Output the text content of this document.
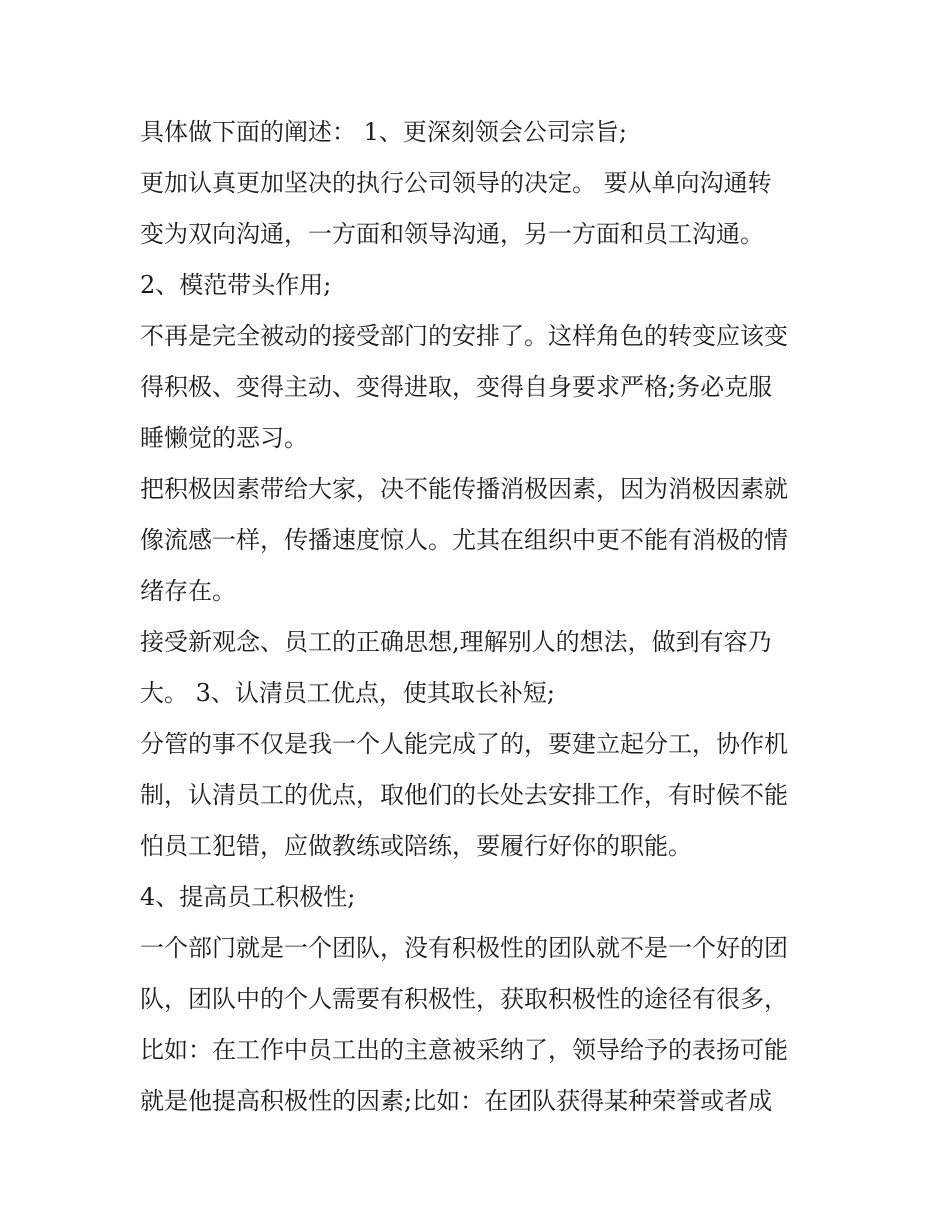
具体做下面的阐述： 1、更深刻领会公司宗旨;
更加认真更加坚决的执行公司领导的决定。 要从单向沟通转
变为双向沟通，一方面和领导沟通，另一方面和员工沟通。
2、模范带头作用;
不再是完全被动的接受部门的安排了。这样角色的转变应该变
得积极、变得主动、变得进取，变得自身要求严格;务必克服
睡懒觉的恶习。
把积极因素带给大家，决不能传播消极因素，因为消极因素就
像流感一样，传播速度惊人。尤其在组织中更不能有消极的情
绪存在。
接受新观念、员工的正确思想,理解别人的想法，做到有容乃
大。 3、认清员工优点，使其取长补短;
分管的事不仅是我一个人能完成了的，要建立起分工，协作机
制，认清员工的优点，取他们的长处去安排工作，有时候不能
怕员工犯错，应做教练或陪练，要履行好你的职能。
4、提高员工积极性;
一个部门就是一个团队，没有积极性的团队就不是一个好的团
队，团队中的个人需要有积极性，获取积极性的途径有很多，
比如：在工作中员工出的主意被采纳了，领导给予的表扬可能
就是他提高积极性的因素;比如：在团队获得某种荣誉或者成
